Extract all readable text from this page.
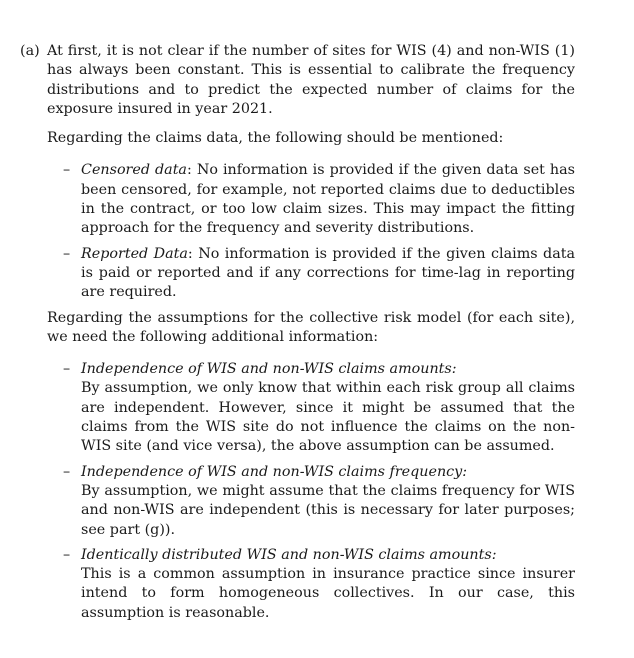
(a) At first, it is not clear if the number of sites for WIS (4) and non-WIS (1) has always been constant. This is essential to calibrate the frequency distributions and to predict the expected number of claims for the exposure insured in year 2021.

Regarding the claims data, the following should be mentioned:

– Censored data: No information is provided if the given data set has been censored, for example, not reported claims due to deductibles in the contract, or too low claim sizes. This may impact the fitting approach for the frequency and severity distributions.
– Reported Data: No information is provided if the given claims data is paid or reported and if any corrections for time-lag in reporting are required.

Regarding the assumptions for the collective risk model (for each site), we need the following additional information:

– Independence of WIS and non-WIS claims amounts:
By assumption, we only know that within each risk group all claims are independent. However, since it might be assumed that the claims from the WIS site do not influence the claims on the non-WIS site (and vice versa), the above assumption can be assumed.
– Independence of WIS and non-WIS claims frequency:
By assumption, we might assume that the claims frequency for WIS and non-WIS are independent (this is necessary for later purposes; see part (g)).
– Identically distributed WIS and non-WIS claims amounts:
This is a common assumption in insurance practice since insurer intend to form homogeneous collectives. In our case, this assumption is reasonable.
